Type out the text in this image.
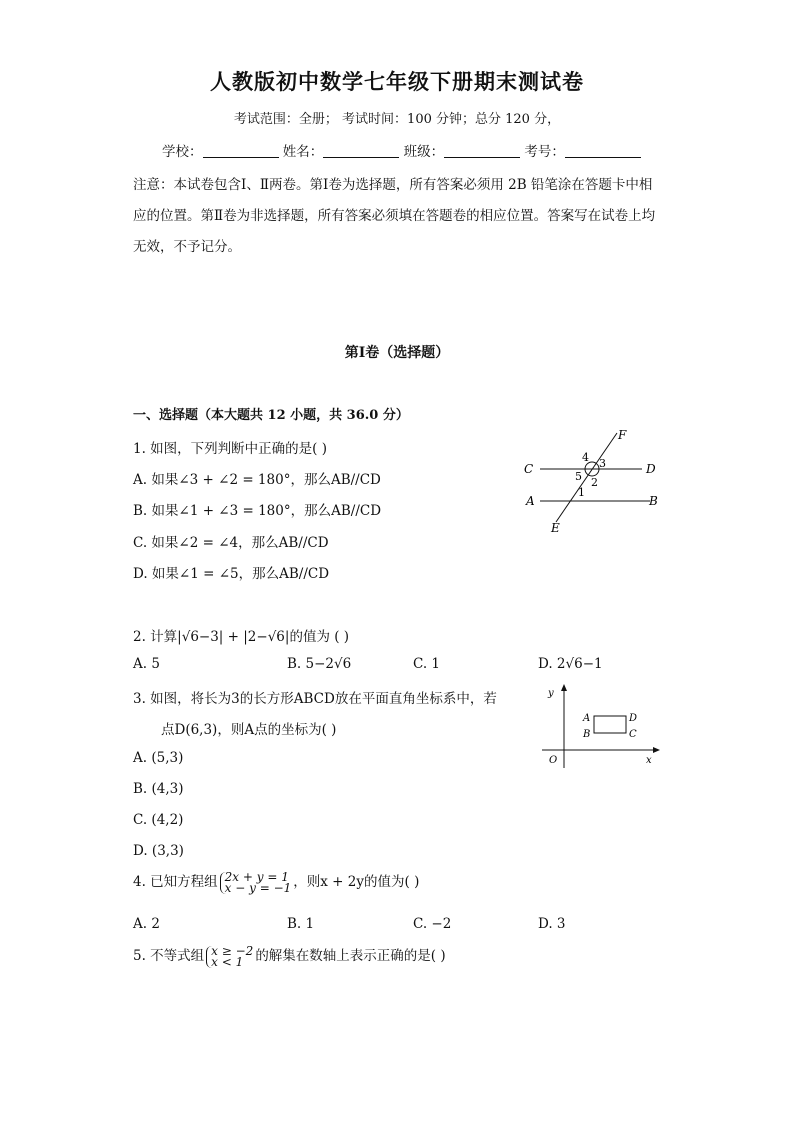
人教版初中数学七年级下册期末测试卷
考试范围：全册； 考试时间：100 分钟；总分 120 分，
学校：	姓名：	班级：	考号：
注意：本试卷包含Ⅰ、Ⅱ两卷。第Ⅰ卷为选择题，所有答案必须用 2B 铅笔涂在答题卡中相应的位置。第Ⅱ卷为非选择题，所有答案必须填在答题卷的相应位置。答案写在试卷上均无效，不予记分。
第Ⅰ卷（选择题）
一、选择题（本大题共 12 小题，共 36.0 分）
1. 如图，下列判断中正确的是( )
A. 如果∠3 + ∠2 = 180°，那么AB//CD
B. 如果∠1 + ∠3 = 180°，那么AB//CD
C. 如果∠2 = ∠4，那么AB//CD
D. 如果∠1 = ∠5，那么AB//CD
F
C	D
A	B
E
1
2
3
4
5
2. 计算|√6−3| + |2−√6|的值为 ( )
A. 5	B. 5−2√6	C. 1	D. 2√6−1
3. 如图，将长为3的长方形ABCD放在平面直角坐标系中，若
点D(6,3)，则A点的坐标为( )
A. (5,3)
B. (4,3)
C. (4,2)
D. (3,3)
y
x
O
A
B	C
D
4. 已知方程组 2x + y = 1
x − y = −1 ，则x + 2y的值为( )
A. 2	B. 1	C. −2	D. 3
5. 不等式组 x ≥ −2
x < 1 的解集在数轴上表示正确的是( )
